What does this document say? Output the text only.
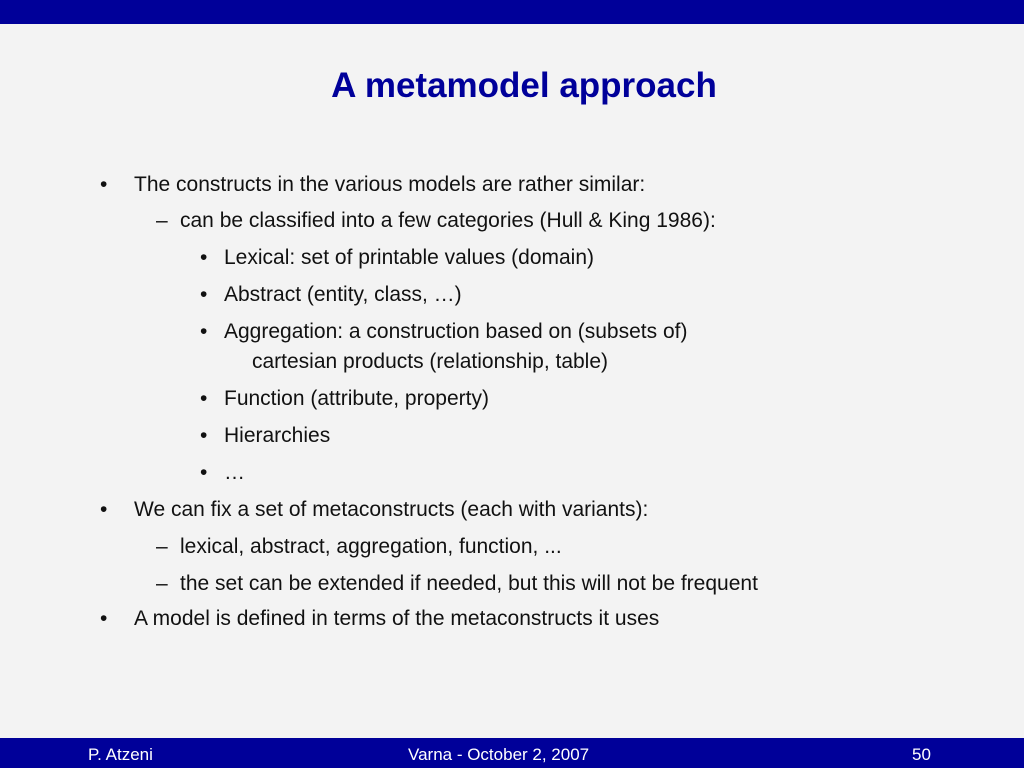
A metamodel approach
• The constructs in the various models are rather similar:
– can be classified into a few categories (Hull & King 1986):
• Lexical: set of printable values (domain)
• Abstract (entity, class, …)
• Aggregation: a construction based on (subsets of)
cartesian products (relationship, table)
• Function (attribute, property)
• Hierarchies
• …
• We can fix a set of metaconstructs (each with variants):
– lexical, abstract, aggregation, function, ...
– the set can be extended if needed, but this will not be frequent
• A model is defined in terms of the metaconstructs it uses
P. Atzeni	Varna - October 2, 2007	50
